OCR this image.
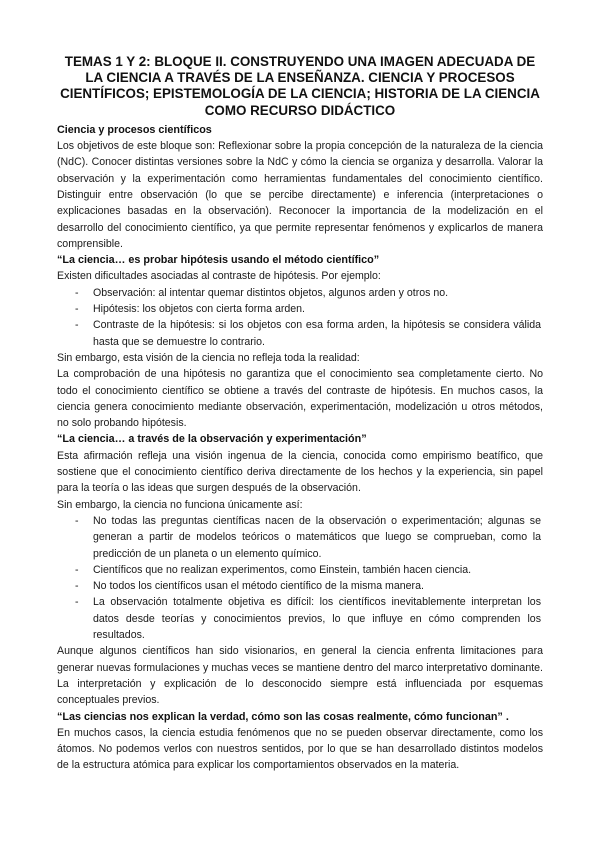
TEMAS 1 Y 2: BLOQUE II. CONSTRUYENDO UNA IMAGEN ADECUADA DE LA CIENCIA A TRAVÉS DE LA ENSEÑANZA. CIENCIA Y PROCESOS CIENTÍFICOS; EPISTEMOLOGÍA DE LA CIENCIA; HISTORIA DE LA CIENCIA COMO RECURSO DIDÁCTICO
Ciencia y procesos científicos

Los objetivos de este bloque son: Reflexionar sobre la propia concepción de la naturaleza de la ciencia (NdC). Conocer distintas versiones sobre la NdC y cómo la ciencia se organiza y desarrolla. Valorar la observación y la experimentación como herramientas fundamentales del conocimiento científico. Distinguir entre observación (lo que se percibe directamente) e inferencia (interpretaciones o explicaciones basadas en la observación). Reconocer la importancia de la modelización en el desarrollo del conocimiento científico, ya que permite representar fenómenos y explicarlos de manera comprensible.

“La ciencia… es probar hipótesis usando el método científico”

Existen dificultades asociadas al contraste de hipótesis. Por ejemplo:

- Observación: al intentar quemar distintos objetos, algunos arden y otros no.
- Hipótesis: los objetos con cierta forma arden.
- Contraste de la hipótesis: si los objetos con esa forma arden, la hipótesis se considera válida hasta que se demuestre lo contrario.

Sin embargo, esta visión de la ciencia no refleja toda la realidad:

La comprobación de una hipótesis no garantiza que el conocimiento sea completamente cierto. No todo el conocimiento científico se obtiene a través del contraste de hipótesis. En muchos casos, la ciencia genera conocimiento mediante observación, experimentación, modelización u otros métodos, no solo probando hipótesis.

“La ciencia… a través de la observación y experimentación”

Esta afirmación refleja una visión ingenua de la ciencia, conocida como empirismo beatífico, que sostiene que el conocimiento científico deriva directamente de los hechos y la experiencia, sin papel para la teoría o las ideas que surgen después de la observación.

Sin embargo, la ciencia no funciona únicamente así:

- No todas las preguntas científicas nacen de la observación o experimentación; algunas se generan a partir de modelos teóricos o matemáticos que luego se comprueban, como la predicción de un planeta o un elemento químico.
- Científicos que no realizan experimentos, como Einstein, también hacen ciencia.
- No todos los científicos usan el método científico de la misma manera.
- La observación totalmente objetiva es difícil: los científicos inevitablemente interpretan los datos desde teorías y conocimientos previos, lo que influye en cómo comprenden los resultados.

Aunque algunos científicos han sido visionarios, en general la ciencia enfrenta limitaciones para generar nuevas formulaciones y muchas veces se mantiene dentro del marco interpretativo dominante. La interpretación y explicación de lo desconocido siempre está influenciada por esquemas conceptuales previos.

“Las ciencias nos explican la verdad, cómo son las cosas realmente, cómo funcionan” .

En muchos casos, la ciencia estudia fenómenos que no se pueden observar directamente, como los átomos. No podemos verlos con nuestros sentidos, por lo que se han desarrollado distintos modelos de la estructura atómica para explicar los comportamientos observados en la materia.
